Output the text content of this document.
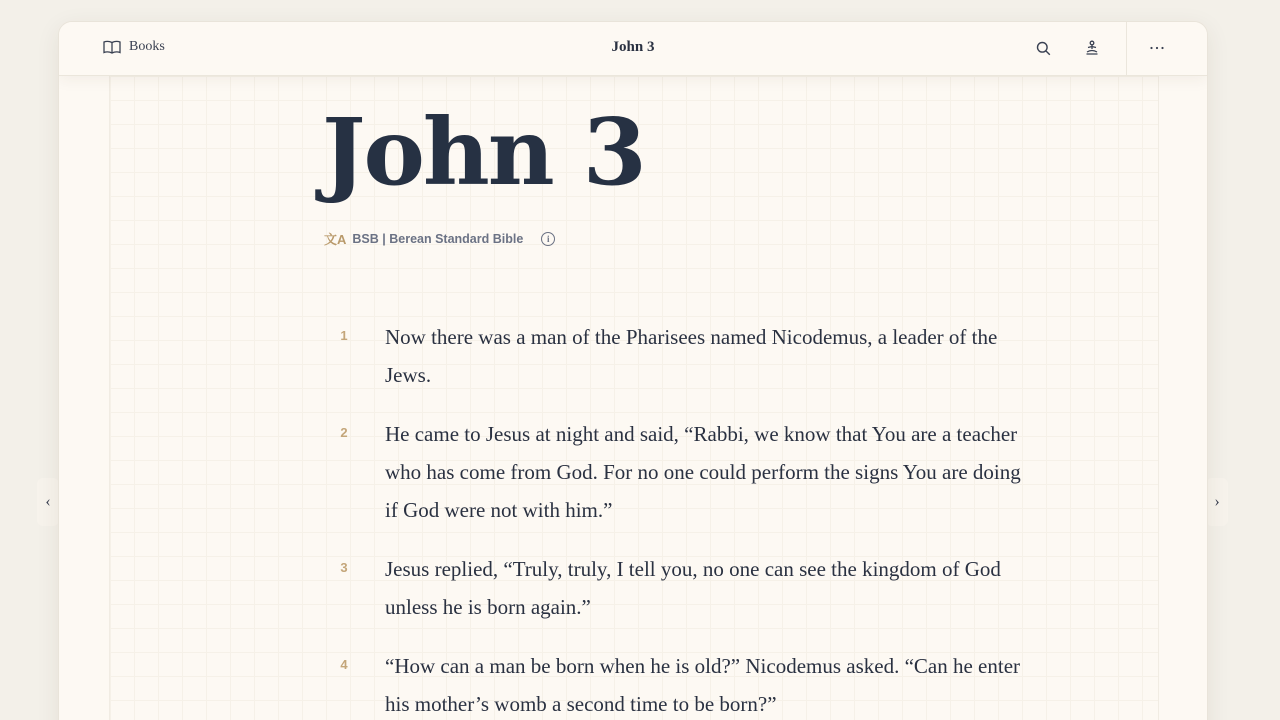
‹	›
Books	John 3
John 3
文A BSB | Berean Standard Bible	i
1	Now there was a man of the Pharisees named Nicodemus, a leader of the Jews.

2	He came to Jesus at night and said, “Rabbi, we know that You are a teacher who has come from God. For no one could perform the signs You are doing if God were not with him.”

3	Jesus replied, “Truly, truly, I tell you, no one can see the kingdom of God unless he is born again.”

4	“How can a man be born when he is old?” Nicodemus asked. “Can he enter his mother’s womb a second time to be born?”
